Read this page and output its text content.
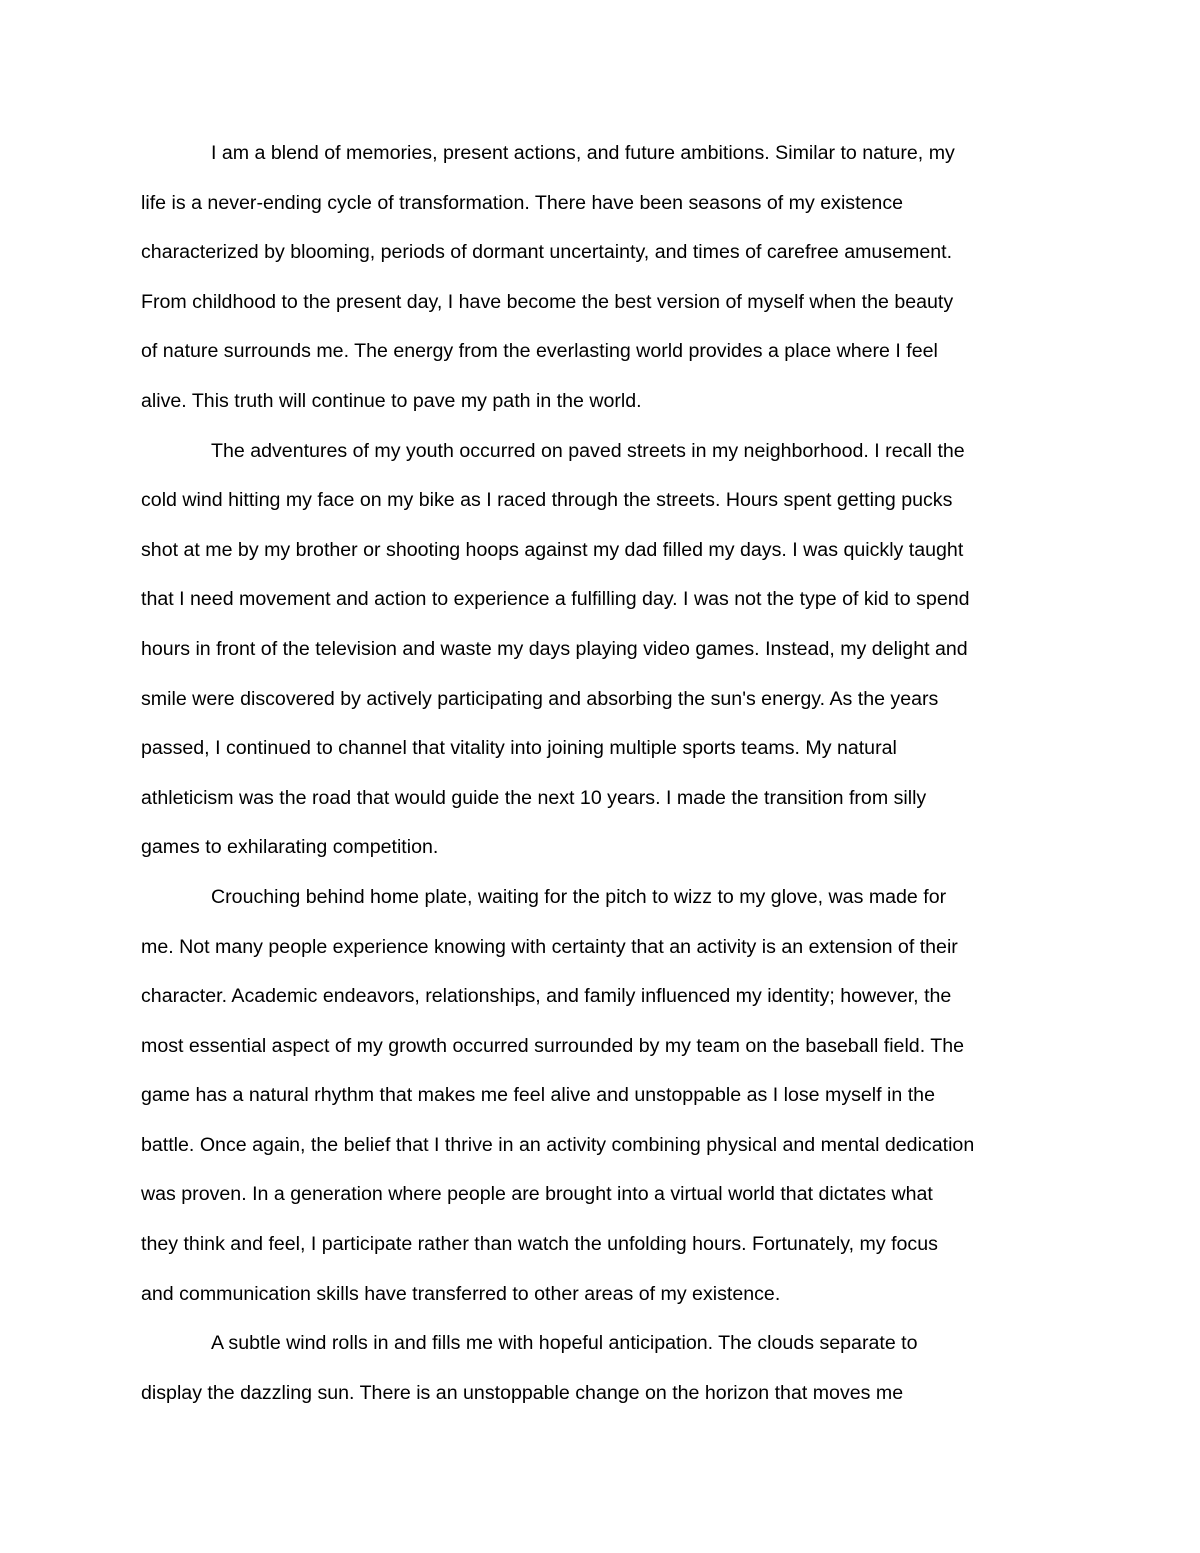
I am a blend of memories, present actions, and future ambitions. Similar to nature, my
life is a never-ending cycle of transformation. There have been seasons of my existence
characterized by blooming, periods of dormant uncertainty, and times of carefree amusement.
From childhood to the present day, I have become the best version of myself when the beauty
of nature surrounds me. The energy from the everlasting world provides a place where I feel
alive. This truth will continue to pave my path in the world.
The adventures of my youth occurred on paved streets in my neighborhood. I recall the
cold wind hitting my face on my bike as I raced through the streets. Hours spent getting pucks
shot at me by my brother or shooting hoops against my dad filled my days. I was quickly taught
that I need movement and action to experience a fulfilling day. I was not the type of kid to spend
hours in front of the television and waste my days playing video games. Instead, my delight and
smile were discovered by actively participating and absorbing the sun's energy. As the years
passed, I continued to channel that vitality into joining multiple sports teams. My natural
athleticism was the road that would guide the next 10 years. I made the transition from silly
games to exhilarating competition.
Crouching behind home plate, waiting for the pitch to wizz to my glove, was made for
me. Not many people experience knowing with certainty that an activity is an extension of their
character. Academic endeavors, relationships, and family influenced my identity; however, the
most essential aspect of my growth occurred surrounded by my team on the baseball field. The
game has a natural rhythm that makes me feel alive and unstoppable as I lose myself in the
battle. Once again, the belief that I thrive in an activity combining physical and mental dedication
was proven. In a generation where people are brought into a virtual world that dictates what
they think and feel, I participate rather than watch the unfolding hours. Fortunately, my focus
and communication skills have transferred to other areas of my existence.
A subtle wind rolls in and fills me with hopeful anticipation. The clouds separate to
display the dazzling sun. There is an unstoppable change on the horizon that moves me
